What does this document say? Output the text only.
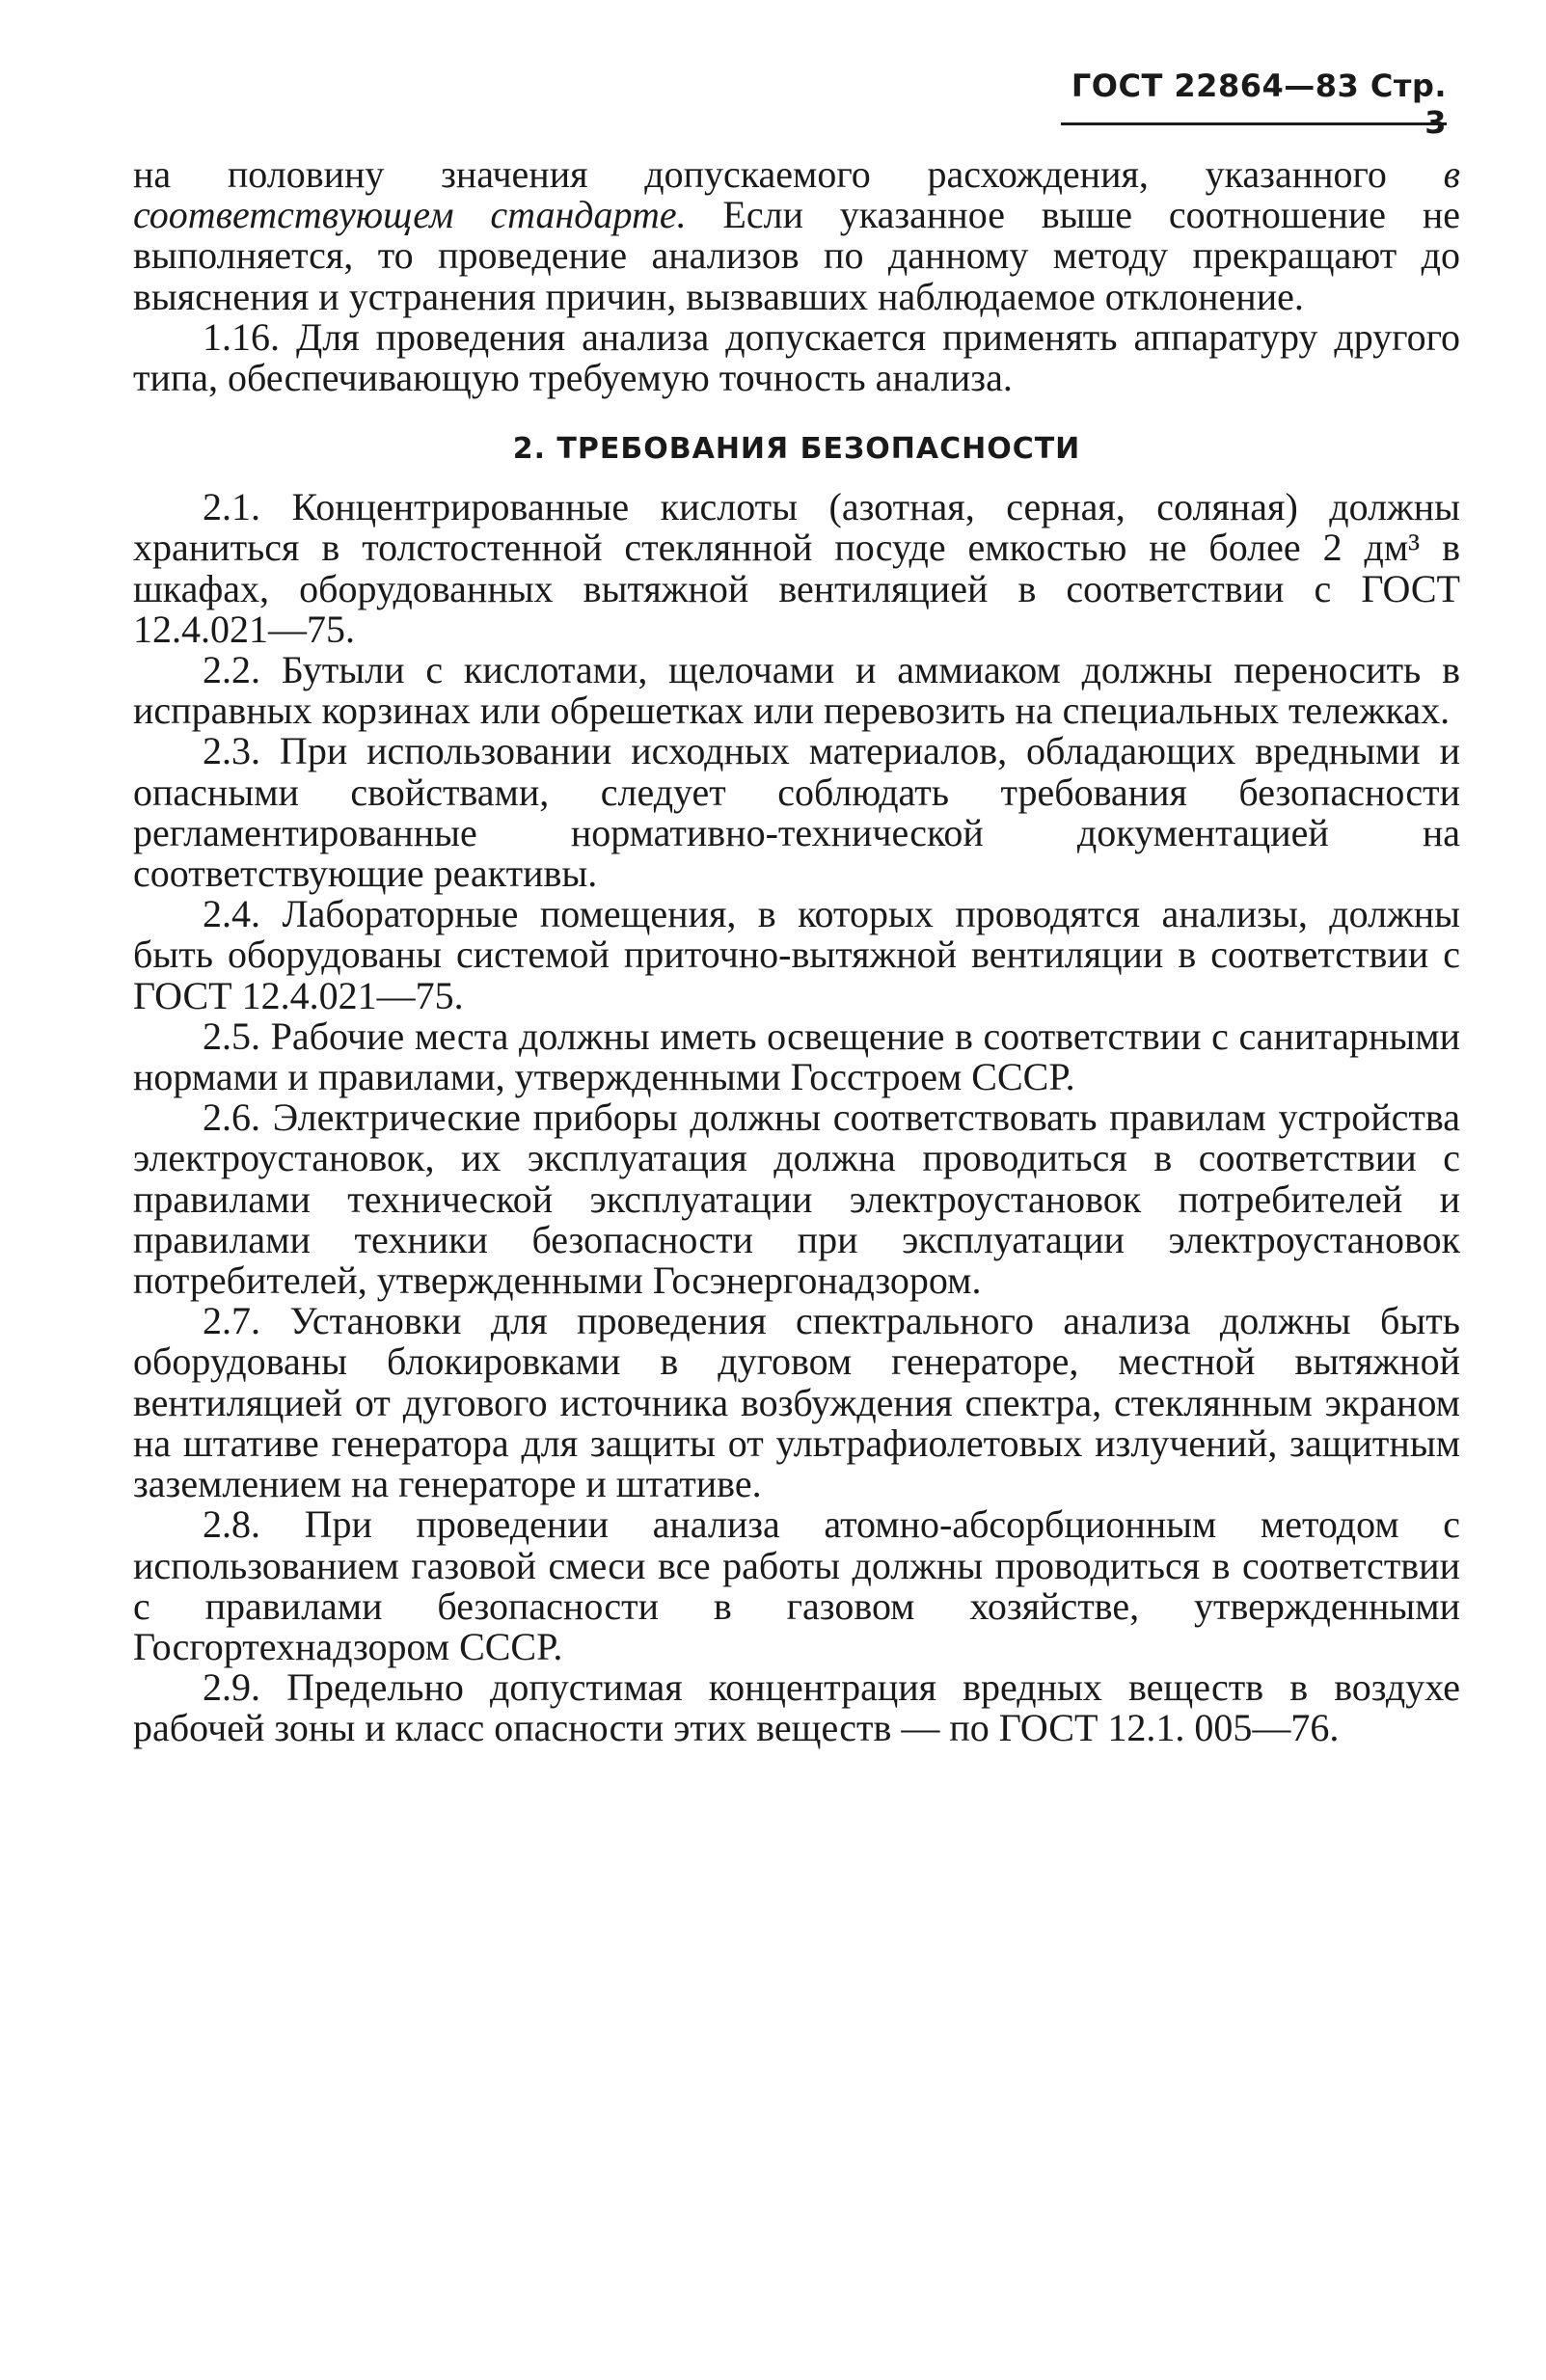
ГОСТ 22864—83 Стр.

на половину значения допускаемого расхождения, указанного в соответствующем стандарте. Если указанное выше соотношение не выполняется, то проведение анализов по данному методу прекращают до выяснения и устранения причин, вызвавших наблюдаемое отклонение.

1.16. Для проведения анализа допускается применять аппаратуру другого типа, обеспечивающую требуемую точность анализа.

2. ТРЕБОВАНИЯ БЕЗОПАСНОСТИ

2.1. Концентрированные кислоты (азотная, серная, соляная) должны храниться в толстостенной стеклянной посуде емкостью не более 2 дм³ в шкафах, оборудованных вытяжной вентиляцией в соответствии с ГОСТ 12.4.021—75.

2.2. Бутыли с кислотами, щелочами и аммиаком должны переносить в исправных корзинах или обрешетках или перевозить на специальных тележках.

2.3. При использовании исходных материалов, обладающих вредными и опасными свойствами, следует соблюдать требования безопасности регламентированные нормативно-технической документацией на соответствующие реактивы.

2.4. Лабораторные помещения, в которых проводятся анализы, должны быть оборудованы системой приточно-вытяжной вентиляции в соответствии с ГОСТ 12.4.021—75.

2.5. Рабочие места должны иметь освещение в соответствии с санитарными нормами и правилами, утвержденными Госстроем СССР.

2.6. Электрические приборы должны соответствовать правилам устройства электроустановок, их эксплуатация должна проводиться в соответствии с правилами технической эксплуатации электроустановок потребителей и правилами техники безопасности при эксплуатации электроустановок потребителей, утвержденными Госэнергонадзором.

2.7. Установки для проведения спектрального анализа должны быть оборудованы блокировками в дуговом генераторе, местной вытяжной вентиляцией от дугового источника возбуждения спектра, стеклянным экраном на штативе генератора для защиты от ультрафиолетовых излучений, защитным заземлением на генераторе и штативе.

2.8. При проведении анализа атомно-абсорбционным методом с использованием газовой смеси все работы должны проводиться в соответствии с правилами безопасности в газовом хозяйстве, утвержденными Госгортехнадзором СССР.

2.9. Предельно допустимая концентрация вредных веществ в воздухе рабочей зоны и класс опасности этих веществ — по ГОСТ 12.1. 005—76.
